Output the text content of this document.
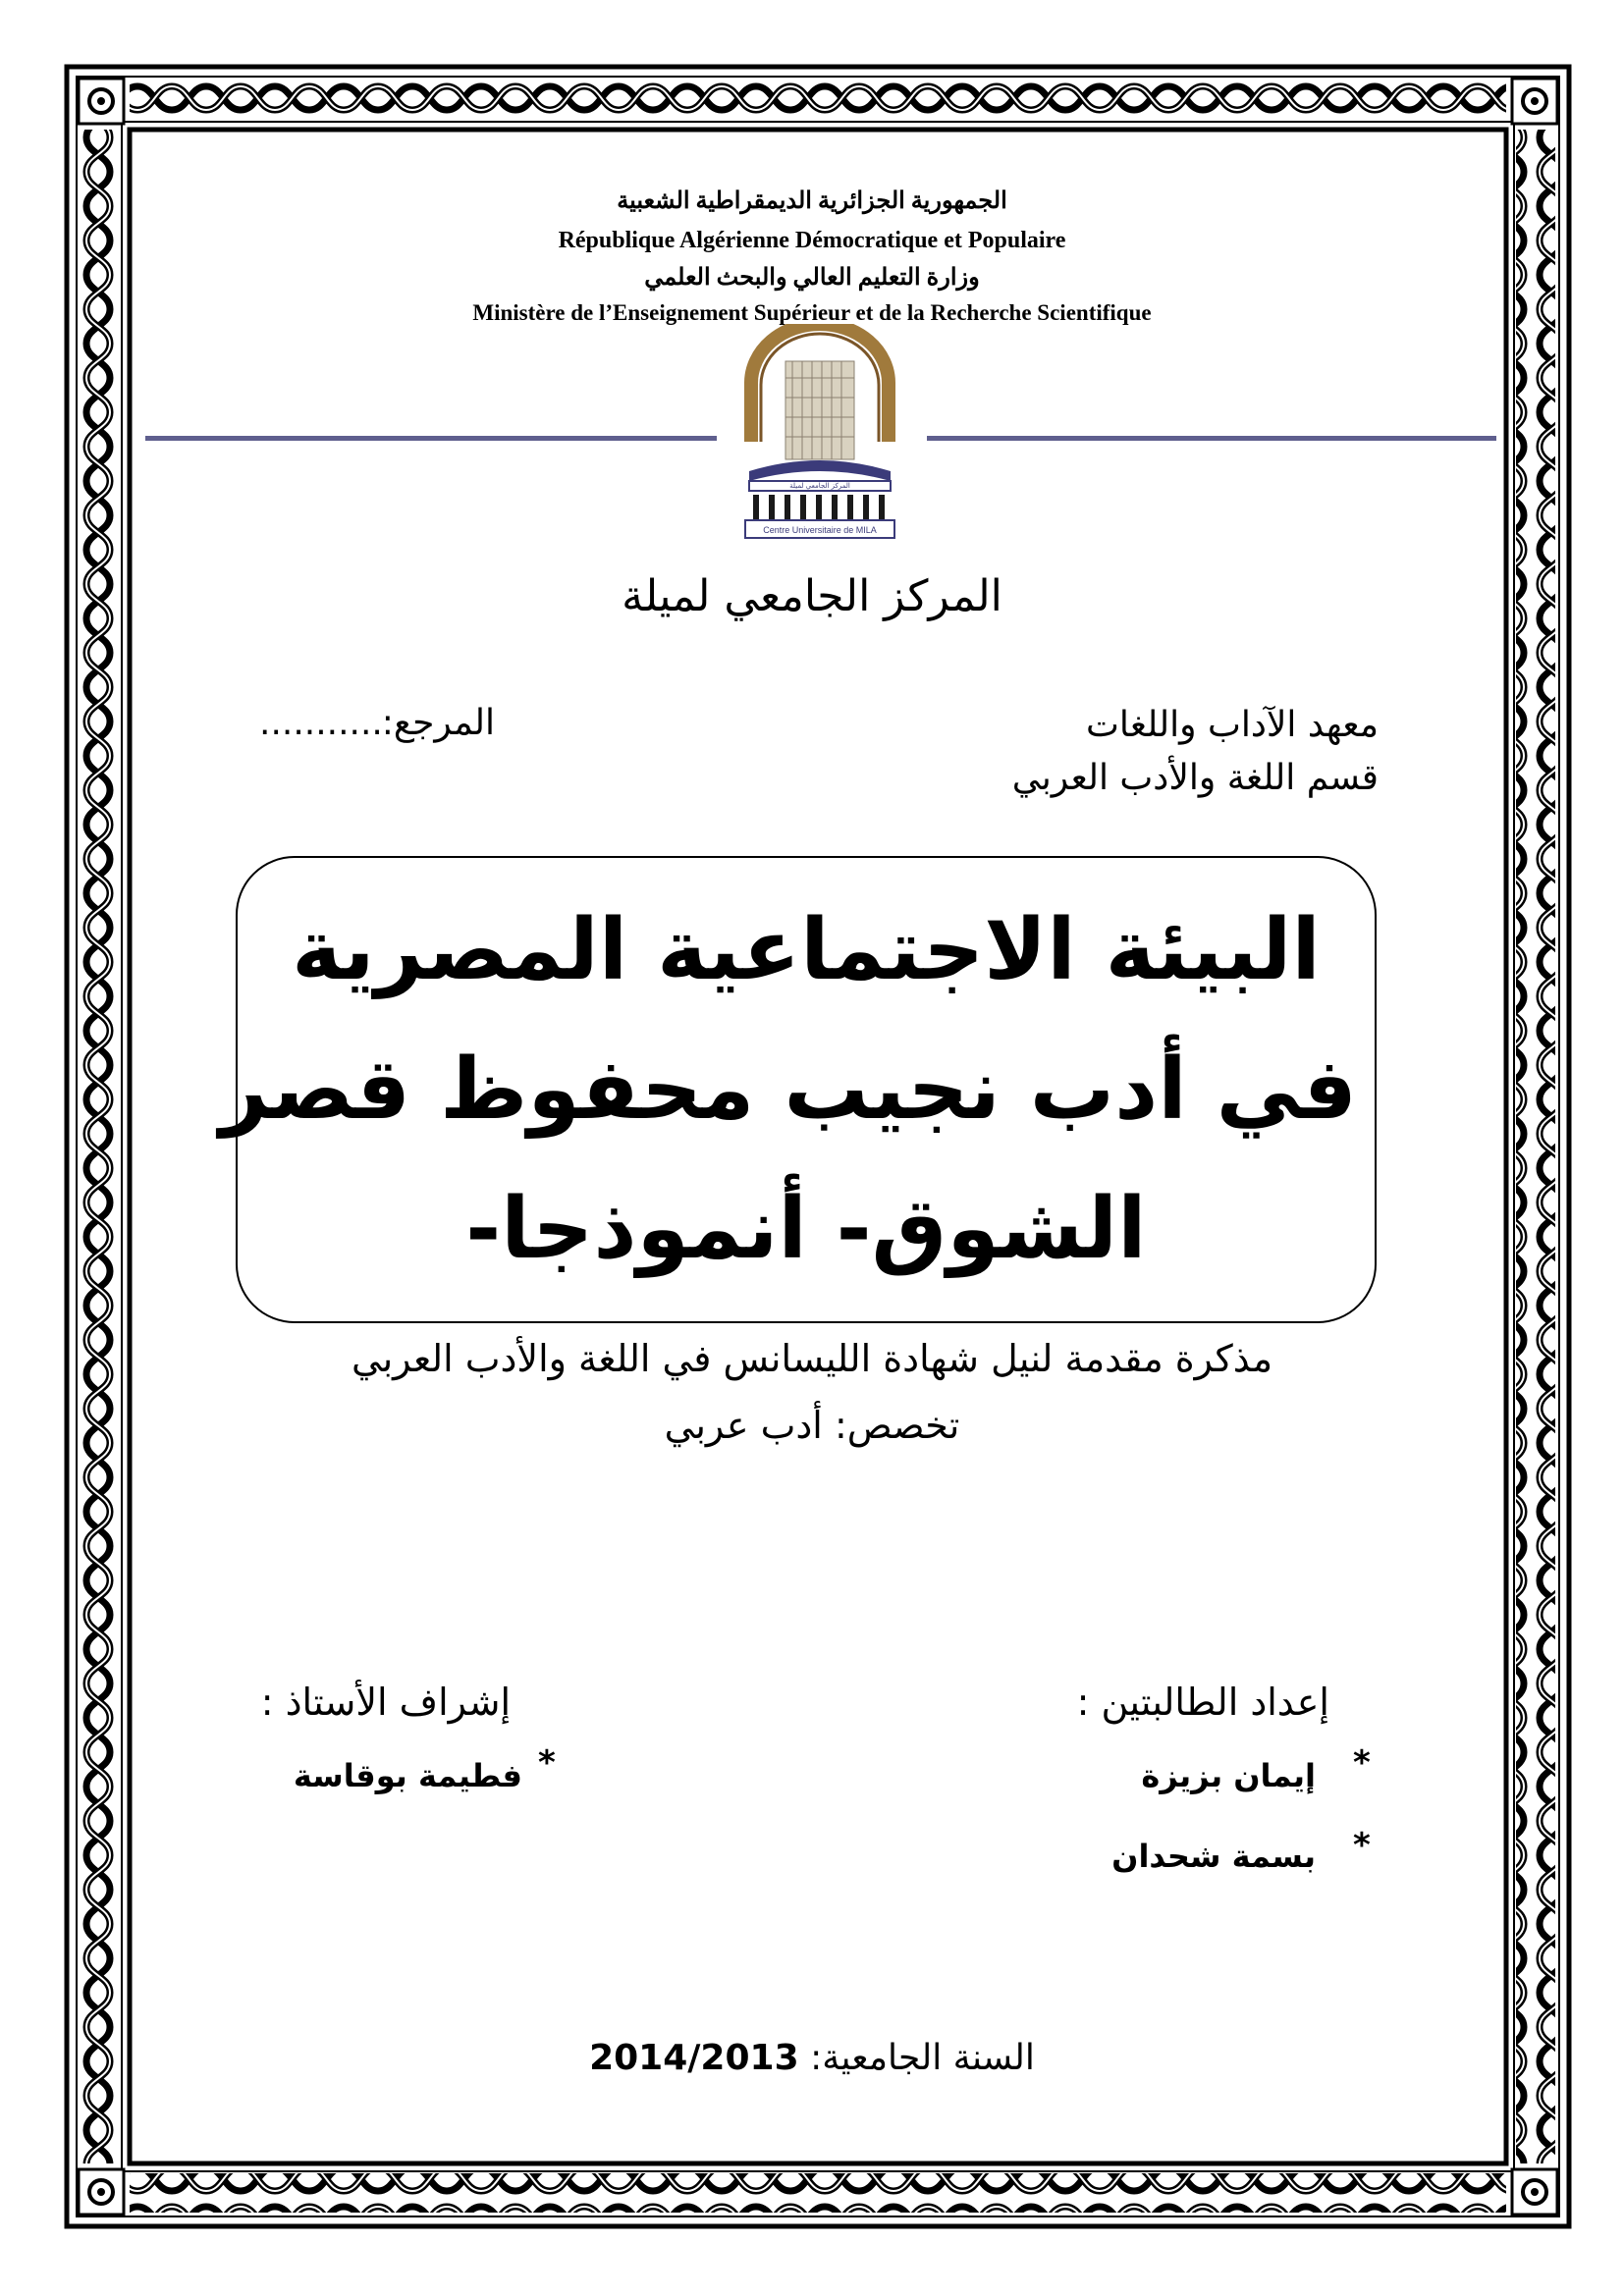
الجمهورية الجزائرية الديمقراطية الشعبية
République Algérienne Démocratique et Populaire
وزارة التعليم العالي والبحث العلمي
Ministère de l’Enseignement Supérieur et de la Recherche Scientifique
Centre Universitaire de MILA
المركز الجامعي لميلة
المركز الجامعي لميلة
معهد الآداب واللغات
قسم اللغة والأدب العربي
المرجع:
...........
البيئة الاجتماعية المصرية
في أدب نجيب محفوظ قصر
الشوق- أنموذجا-
مذكرة مقدمة لنيل شهادة الليسانس في اللغة والأدب العربي
تخصص: أدب عربي
إعداد الطالبتين :
*
إيمان بزيزة
*
بسمة شحدان
إشراف الأستاذ :
*
فطيمة بوقاسة
السنة الجامعية: 2014/2013
